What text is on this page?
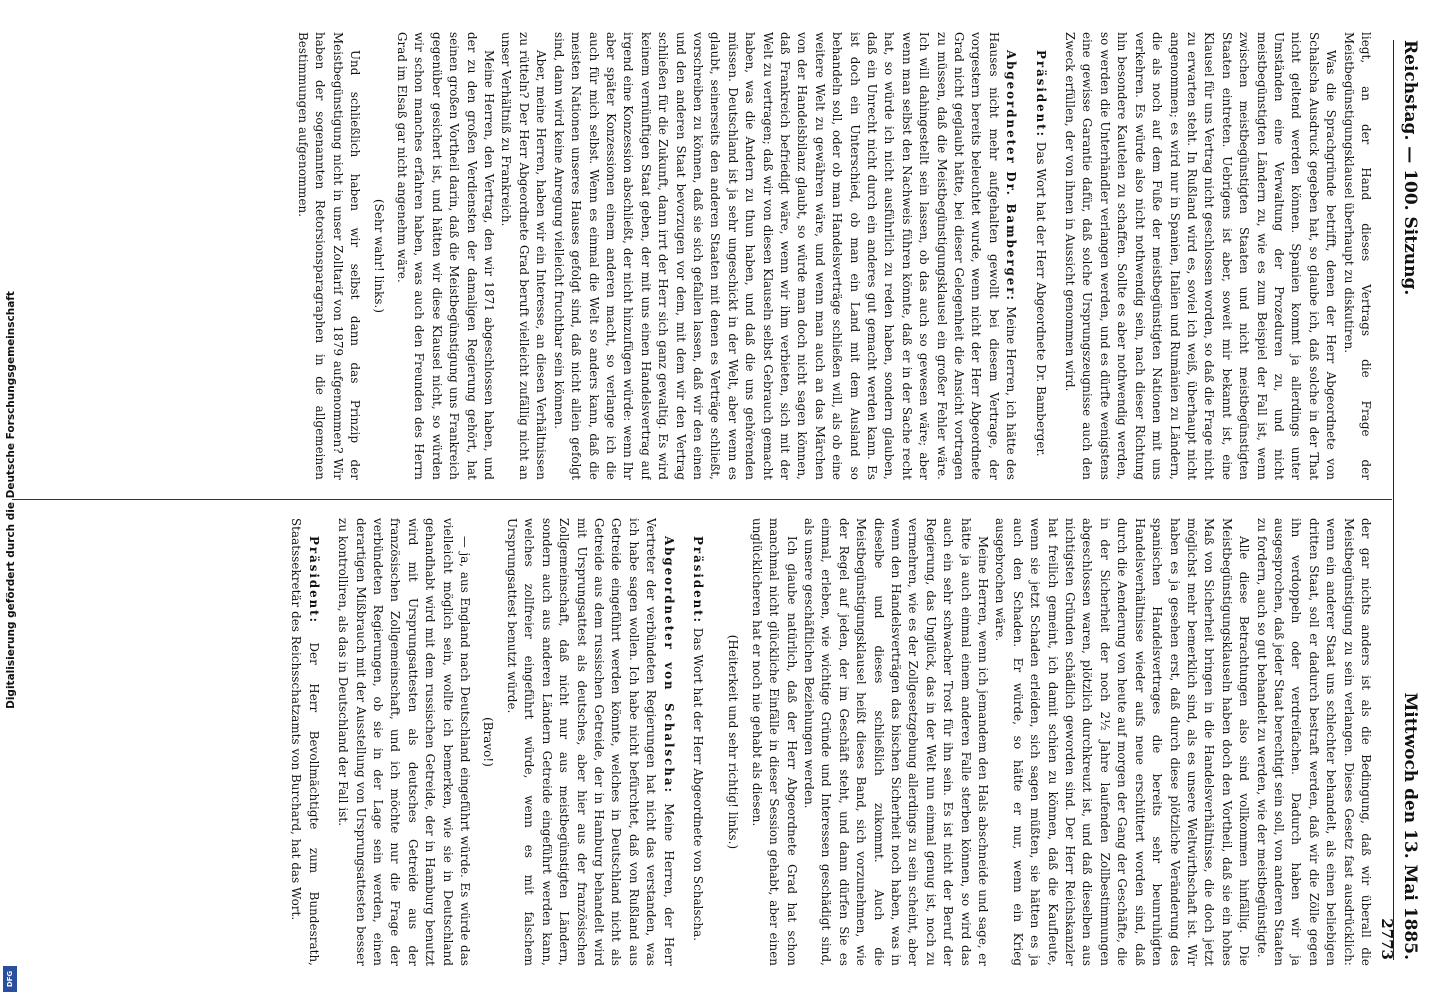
Reichstag. — 100. Sitzung.
Mittwoch den 13. Mai 1885.
2773

liegt, an der Hand dieses Vertrags die Frage der Meistbegünstigungsklausel überhaupt zu diskutiren.

Was die Sprachgründe betrifft, denen der Herr Abgeordnete von Schalscha Ausdruck gegeben hat, so glaube ich, daß solche in der That nicht geltend werden können. Spanien kommt ja allerdings unter Umständen eine Verwaltung der Prozeduren zu, und nicht meistbegünstigten Ländern zu, wie es zum Beispiel der Fall ist, wenn zwischen meistbegünstigten Staaten und nicht meistbegünstigten Staaten eintreten. Uebrigens ist aber, soweit mir bekannt ist, eine Klausel für uns Vertrag nicht geschlossen worden, so daß die Frage nicht zu erwarten steht. In Rußland wird es, soviel ich weiß, überhaupt nicht angenommen; es wird nur in Spanien, Italien und Rumänien zu Ländern, die als noch auf dem Fuße der meistbegünstigten Nationen mit uns verkehren. Es würde also nicht nothwendig sein, nach dieser Richtung hin besondere Kautelen zu schaffen. Sollte es aber nothwendig werden, so werden die Unterhändler verlangen werden, und es dürfte wenigstens eine gewisse Garantie dafür, daß solche Ursprungszeugnisse auch den Zweck erfüllen, der von ihnen in Aussicht genommen wird.

Präsident: Das Wort hat der Herr Abgeordnete Dr. Bamberger.

Abgeordneter Dr. Bamberger: Meine Herren, ich hätte des Hauses nicht mehr aufgehalten gewollt bei diesem Vertrage, der vorgestern bereits beleuchtet wurde, wenn nicht der Herr Abgeordnete Grad nicht geglaubt hätte, bei dieser Gelegenheit die Ansicht vortragen zu müssen, daß die Meistbegünstigungsklausel ein großer Fehler wäre. Ich will dahingestellt sein lassen, ob das auch so gewesen wäre; aber wenn man selbst den Nachweis führen könnte, daß er in der Sache recht hat, so würde ich nicht ausführlich zu reden haben, sondern glauben, daß ein Unrecht nicht durch ein anderes gut gemacht werden kann. Es ist doch ein Unterschied, ob man ein Land mit dem Ausland so behandeln soll, oder ob man Handelsverträge schließen will, als ob eine weitere Welt zu gewähren wäre, und wenn man auch an das Märchen von der Handelsbilanz glaubt, so würde man doch nicht sagen können, daß Frankreich befriedigt wäre, wenn wir ihm verbieten, sich mit der Welt zu vertragen; daß wir von diesen Klauseln selbst Gebrauch gemacht haben, was die Andern zu thun haben, und daß die uns gehörenden müssen. Deutschland ist ja sehr ungeschickt in der Welt, aber wenn es glaubt, seinerseits den anderen Staaten mit denen es Verträge schließt, vorschreiben zu können, daß sie sich gefallen lassen, daß wir den einen und den anderen Staat bevorzugen vor dem, mit dem wir den Vertrag schließen für die Zukunft, dann irrt der Herr sich ganz gewaltig. Es wird keinem vernünftigen Staat geben, der mit uns einen Handelsvertrag auf irgend eine Konzession abschließt, der nicht hinzufügen würde: wenn Ihr aber später Konzessionen einem anderen macht, so verlange ich die auch für mich selbst. Wenn es einmal die Welt so anders kann, daß die meisten Nationen unseres Hauses gefolgt sind, daß nicht allein gefolgt sind, dann wird keine Anregung vielleicht fruchtbar sein können.

Aber, meine Herren, haben wir ein Interesse, an diesen Verhältnissen zu rütteln? Der Herr Abgeordnete Grad beruft vielleicht zufällig nicht an unser Verhältniß zu Frankreich.

Meine Herren, den Vertrag, den wir 1871 abgeschlossen haben, und der zu den großen Verdiensten der damaligen Regierung gehört, hat seinen großen Vortheil darin, daß die Meistbegünstigung uns Frankreich gegenüber gesichert ist, und hätten wir diese Klausel nicht, so würden wir schon manches erfahren haben, was auch den Freunden des Herrn Grad im Elsaß gar nicht angenehm wäre.

(Sehr wahr! links.)

Und schließlich haben wir selbst dann das Prinzip der Meistbegünstigung nicht in unser Zolltarif von 1879 aufgenommen? Wir haben der sogenannten Retorsionsparagraphen in die allgemeinen Bestimmungen aufgenommen.

der gar nichts anders ist als die Bedingung, daß wir überall die Meistbegünstigung zu sein verlangen. Dieses Gesetz fast ausdrücklich: wenn ein anderer Staat uns schlechter behandelt, als einen beliebigen dritten Staat, soll er dadurch bestraft werden, daß wir die Zölle gegen ihn verdoppeln oder verdreifachen. Dadurch haben wir ja ausgesprochen, daß jeder Staat berechtigt sein soll, von anderen Staaten zu fordern, auch so gut behandelt zu werden, wie der meistbegünstigte.

Alle diese Betrachtungen also sind vollkommen hinfällig. Die Meistbegünstigungsklauseln haben doch den Vortheil, daß sie ein hohes Maß von Sicherheit bringen in die Handelsverhältnisse, die doch jetzt möglichst mehr bemerklich sind, als es unsere Weltwirthschaft ist. Wir haben es ja gesehen erst, daß durch diese plötzliche Veränderung des spanischen Handelsvertrages die bereits sehr beunruhigten Handelsverhältnisse wieder aufs neue erschüttert worden sind, daß durch die Aenderung von heute auf morgen der Gang der Geschäfte, die in der Sicherheit der noch 2½ Jahre laufenden Zollbestimmungen abgeschlossen waren, plötzlich durchkreuzt ist, und daß dieselben aus nichtigsten Gründen schädlich geworden sind. Der Herr Reichskanzler hat freilich gemeint, ich damit schien zu können, daß die Kaufleute, wenn sie jetzt Schaden erleiden, sich sagen müßten, sie hätten es ja auch den Schaden. Er würde, so hätte er nur, wenn ein Krieg ausgebrochen wäre.

Meine Herren, wenn ich jemandem den Hals abschneide und sage, er hätte ja auch einmal einem anderen Falle sterben können, so wird das auch ein sehr schwacher Trost für ihn sein. Es ist nicht der Beruf der Regierung, das Unglück, das in der Welt nun einmal genug ist, noch zu vermehren, wie es der Zollgesetzgebung allerdings zu sein scheint, aber wenn den Handelsverträgen das bischen Sicherheit noch haben, was in dieselbe und dieses schließlich zukommt. Auch die Meistbegünstigungsklausel heißt dieses Band, sich vorzunehmen, wie der Regel auf jeden, der im Geschäft steht, und dann dürfen Sie es einmal, erleben, wie wichtige Gründe und Interessen geschädigt sind, als unsere geschäftlichen Beziehungen werden.

Ich glaube natürlich, daß der Herr Abgeordnete Grad hat schon manchmal nicht glückliche Einfälle in dieser Session gehabt, aber einen unglücklicheren hat er noch nie gehabt als diesen.

(Heiterkeit und sehr richtig! links.)

Präsident: Das Wort hat der Herr Abgeordnete von Schalscha.

Abgeordneter von Schalscha: Meine Herren, der Herr Vertreter der verbündeten Regierungen hat nicht das verstanden, was ich habe sagen wollen. Ich habe nicht befürchtet, daß von Rußland aus Getreide eingeführt werden könnte, welches in Deutschland nicht als Getreide aus dem russischen Getreide, der in Hamburg behandelt wird mit Ursprungsattest als deutsches, aber hier aus der französischen Zollgemeinschaft, daß nicht nur aus meistbegünstigten Ländern, sondern auch aus anderen Ländern Getreide eingeführt werden kann, welches zollfreier eingeführt würde, wenn es mit falschem Ursprungsattest benutzt würde.

(Bravo!)

— ja, aus England nach Deutschland eingeführt würde. Es würde das vielleicht möglich sein, wollte ich bemerken, wie sie in Deutschland gehandhabt wird mit dem russischen Getreide, der in Hamburg benutzt wird mit Ursprungsattesten als deutsches Getreide aus der französischen Zollgemeinschaft, und ich möchte nur die Frage der verbündeten Regierungen, ob sie in der Lage sein werden, einen derartigen Mißbrauch mit der Ausstellung von Ursprungsattesten besser zu kontrolliren, als das in Deutschland der Fall ist.

Präsident: Der Herr Bevollmächtigte zum Bundesrath, Staatssekretär des Reichsschatzamts von Burchard, hat das Wort.

Digitalisierung gefördert durch die Deutsche Forschungsgemeinschaft
DFG
